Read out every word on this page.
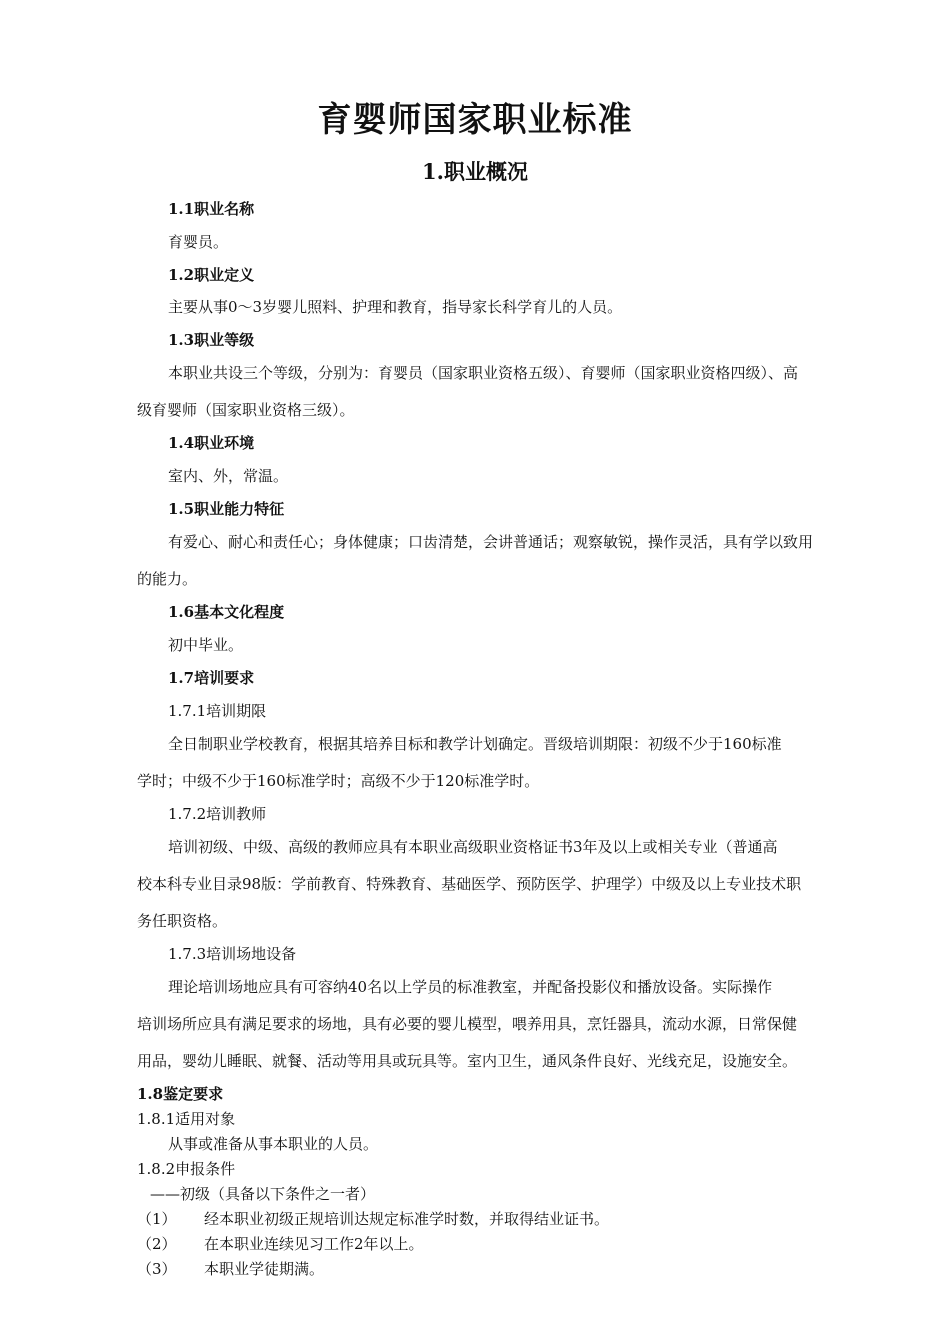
育婴师国家职业标准
1.职业概况
1.1职业名称
育婴员。
1.2职业定义
主要从事0～3岁婴儿照料、护理和教育，指导家长科学育儿的人员。
1.3职业等级
本职业共设三个等级，分别为：育婴员（国家职业资格五级）、育婴师（国家职业资格四级）、高
级育婴师（国家职业资格三级）。
1.4职业环境
室内、外，常温。
1.5职业能力特征
有爱心、耐心和责任心；身体健康；口齿清楚，会讲普通话；观察敏锐，操作灵活，具有学以致用
的能力。
1.6基本文化程度
初中毕业。
1.7培训要求
1.7.1培训期限
全日制职业学校教育，根据其培养目标和教学计划确定。晋级培训期限：初级不少于160标准
学时；中级不少于160标准学时；高级不少于120标准学时。
1.7.2培训教师
培训初级、中级、高级的教师应具有本职业高级职业资格证书3年及以上或相关专业（普通高
校本科专业目录98版：学前教育、特殊教育、基础医学、预防医学、护理学）中级及以上专业技术职
务任职资格。
1.7.3培训场地设备
理论培训场地应具有可容纳40名以上学员的标准教室，并配备投影仪和播放设备。实际操作
培训场所应具有满足要求的场地，具有必要的婴儿模型，喂养用具，烹饪器具，流动水源，日常保健
用品，婴幼儿睡眠、就餐、活动等用具或玩具等。室内卫生，通风条件良好、光线充足，设施安全。
1.8鉴定要求
1.8.1适用对象
从事或准备从事本职业的人员。
1.8.2申报条件
——初级（具备以下条件之一者）
（1） 经本职业初级正规培训达规定标准学时数，并取得结业证书。
（2） 在本职业连续见习工作2年以上。
（3） 本职业学徒期满。
